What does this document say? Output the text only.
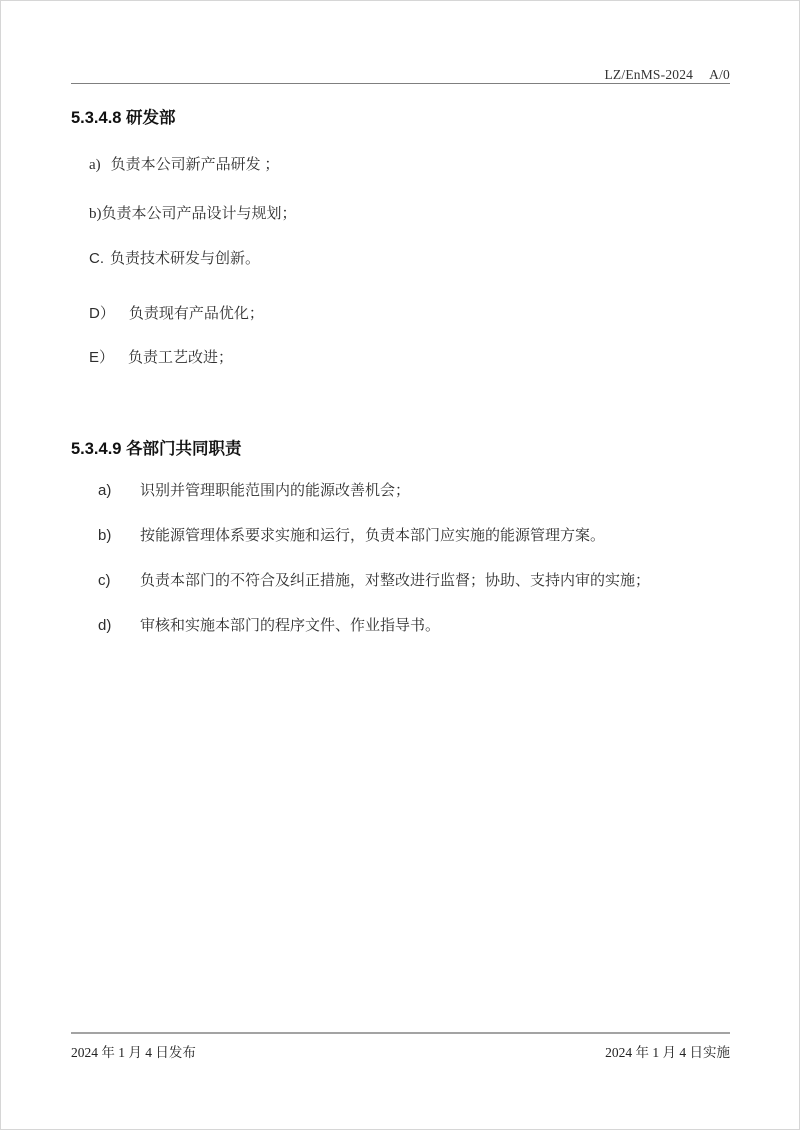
LZ/EnMS-2024 A/0
5.3.4.8 研发部
a) 负责本公司新产品研发 ；
b)负责本公司产品设计与规划；
C. 负责技术研发与创新。
D） 负责现有产品优化；
E） 负责工艺改进；
5.3.4.9 各部门共同职责
a) 识别并管理职能范围内的能源改善机会；
b) 按能源管理体系要求实施和运行，负责本部门应实施的能源管理方案。
c) 负责本部门的不符合及纠正措施，对整改进行监督；协助、支持内审的实施；
d) 审核和实施本部门的程序文件、作业指导书。
2024 年 1 月 4 日发布	2024 年 1 月 4 日实施
